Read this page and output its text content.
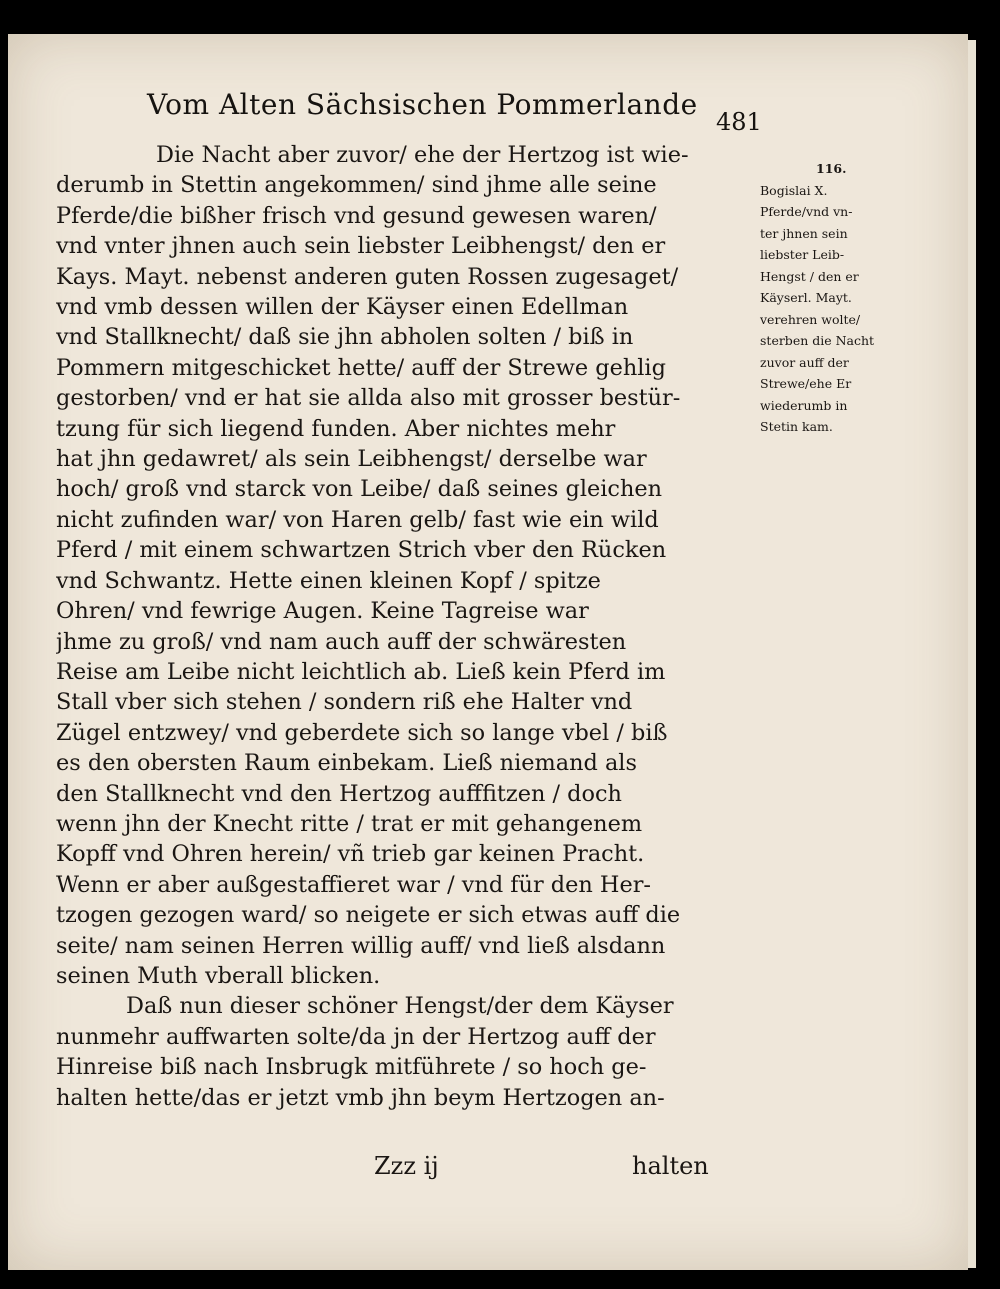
Vom Alten Sächsischen Pommerlande
481
Die Nacht aber zuvor/ ehe der Hertzog ist wie-
derumb in Stettin angekommen/ sind jhme alle seine
Pferde/die bißher frisch vnd gesund gewesen waren/
vnd vnter jhnen auch sein liebster Leibhengst/ den er
Kays. Mayt. nebenst anderen guten Rossen zugesaget/
vnd vmb dessen willen der Käyser einen Edellman
vnd Stallknecht/ daß sie jhn abholen solten / biß in
Pommern mitgeschicket hette/ auff der Strewe gehlig
gestorben/ vnd er hat sie allda also mit grosser bestür-
tzung für sich liegend funden. Aber nichtes mehr
hat jhn gedawret/ als sein Leibhengst/ derselbe war
hoch/ groß vnd starck von Leibe/ daß seines gleichen
nicht zufinden war/ von Haren gelb/ fast wie ein wild
Pferd / mit einem schwartzen Strich vber den Rücken
vnd Schwantz. Hette einen kleinen Kopf / spitze
Ohren/ vnd fewrige Augen. Keine Tagreise war
jhme zu groß/ vnd nam auch auff der schwäresten
Reise am Leibe nicht leichtlich ab. Ließ kein Pferd im
Stall vber sich stehen / sondern riß ehe Halter vnd
Zügel entzwey/ vnd geberdete sich so lange vbel / biß
es den obersten Raum einbekam. Ließ niemand als
den Stallknecht vnd den Hertzog aufffitzen / doch
wenn jhn der Knecht ritte / trat er mit gehangenem
Kopff vnd Ohren herein/ vñ trieb gar keinen Pracht.
Wenn er aber außgestaffieret war / vnd für den Her-
tzogen gezogen ward/ so neigete er sich etwas auff die
seite/ nam seinen Herren willig auff/ vnd ließ alsdann
seinen Muth vberall blicken.
Daß nun dieser schöner Hengst/der dem Käyser
nunmehr auffwarten solte/da jn der Hertzog auff der
Hinreise biß nach Insbrugk mitführete / so hoch ge-
halten hette/das er jetzt vmb jhn beym Hertzogen an-
116.
Bogislai X.
Pferde/vnd vn-
ter jhnen sein
liebster Leib-
Hengst / den er
Käyserl. Mayt.
verehren wolte/
sterben die Nacht
zuvor auff der
Strewe/ehe Er
wiederumb in
Stetin kam.
Zzz ij	halten
